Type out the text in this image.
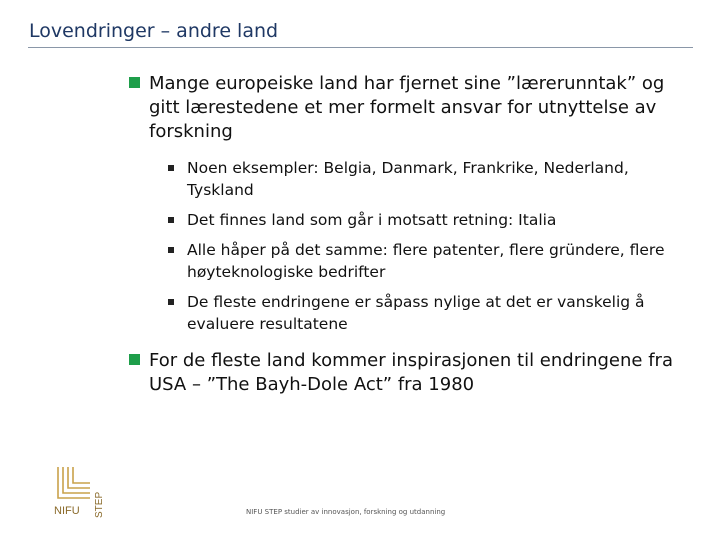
Lovendringer – andre land
Mange europeiske land har fjernet sine ”lærerunntak” og gitt lærestedene et mer formelt ansvar for utnyttelse av forskning
Noen eksempler: Belgia, Danmark, Frankrike, Nederland, Tyskland
Det finnes land som går i motsatt retning: Italia
Alle håper på det samme: flere patenter, flere gründere, flere høyteknologiske bedrifter
De fleste endringene er såpass nylige at det er vanskelig å evaluere resultatene
For de fleste land kommer inspirasjonen til endringene fra USA – ”The Bayh-Dole Act” fra 1980
NIFU STEP	NIFU STEP studier av innovasjon, forskning og utdanning
